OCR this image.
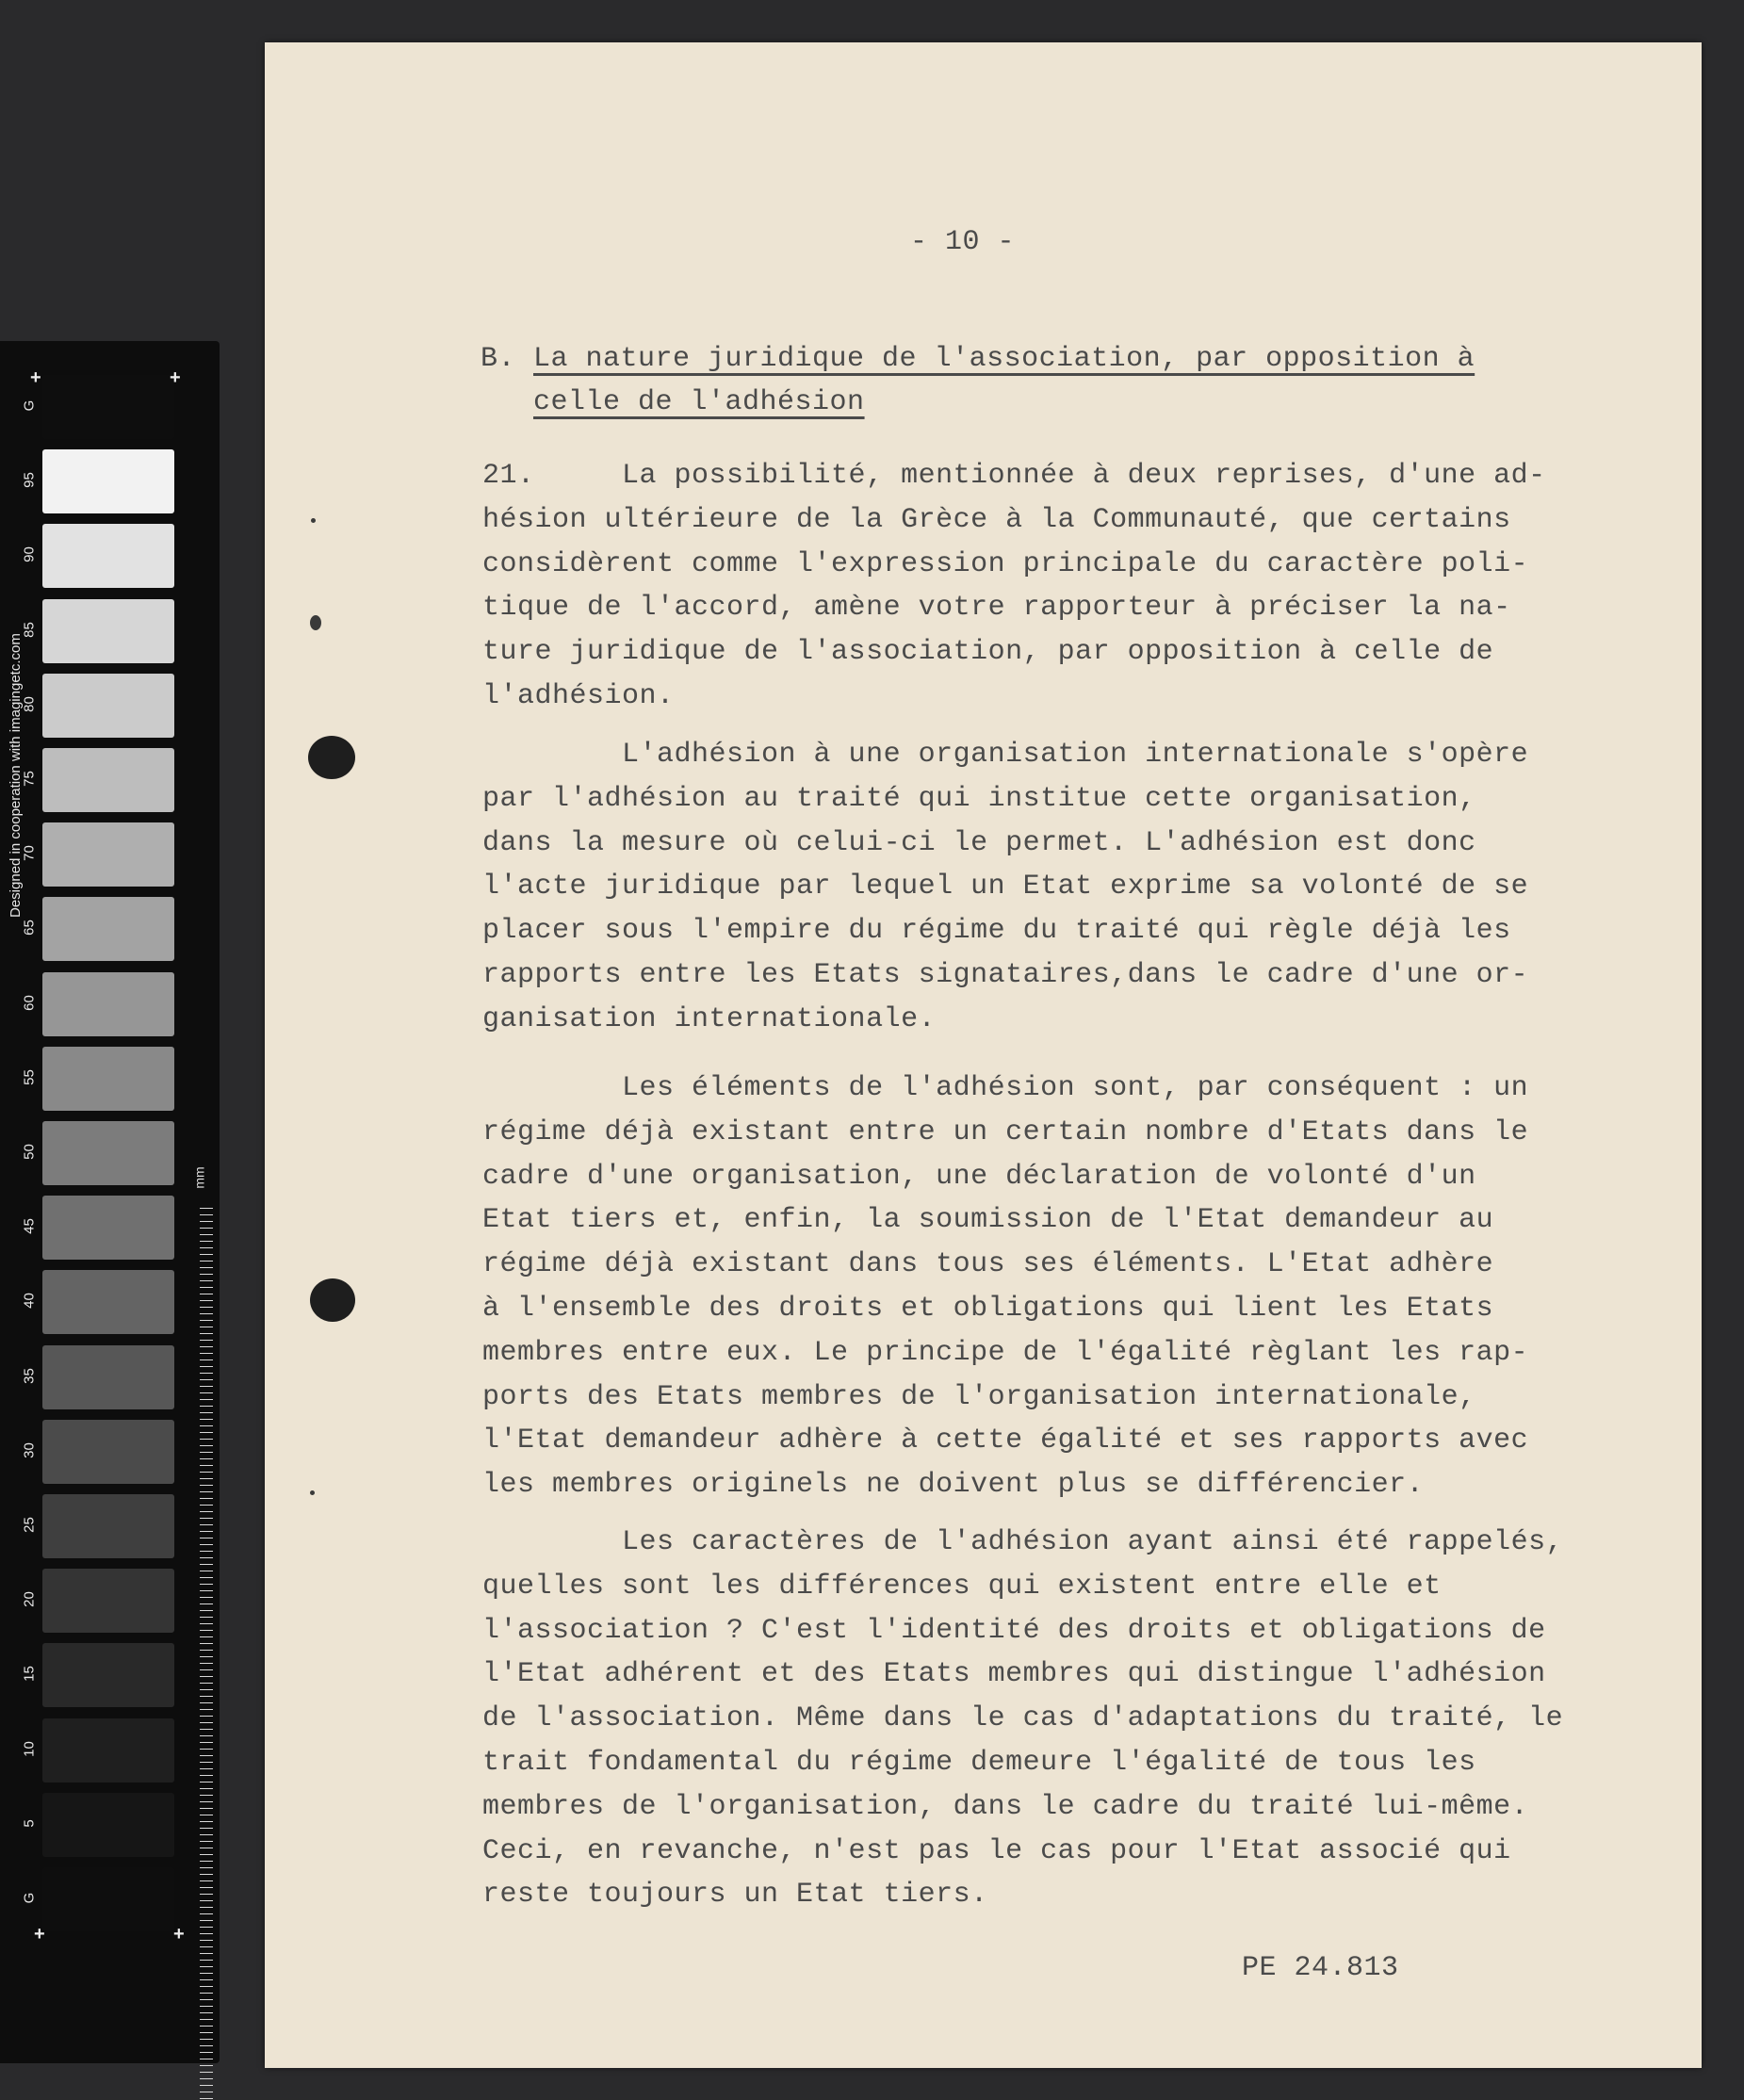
G
95
90
85
80
75
70
65
60
55
50
45
40
35
30
25
20
15
10
5
G
+	+
+	+
Designed in cooperation with imagingetc.com
mm
- 10 -
B. La nature juridique de l'association, par opposition à
celle de l'adhésion
21.     La possibilité, mentionnée à deux reprises, d'une ad-
hésion ultérieure de la Grèce à la Communauté, que certains
considèrent comme l'expression principale du caractère poli-
tique de l'accord, amène votre rapporteur à préciser la na-
ture juridique de l'association, par opposition à celle de
l'adhésion.
L'adhésion à une organisation internationale s'opère
par l'adhésion au traité qui institue cette organisation,
dans la mesure où celui-ci le permet. L'adhésion est donc
l'acte juridique par lequel un Etat exprime sa volonté de se
placer sous l'empire du régime du traité qui règle déjà les
rapports entre les Etats signataires,dans le cadre d'une or-
ganisation internationale.
Les éléments de l'adhésion sont, par conséquent : un
régime déjà existant entre un certain nombre d'Etats dans le
cadre d'une organisation, une déclaration de volonté d'un
Etat tiers et, enfin, la soumission de l'Etat demandeur au
régime déjà existant dans tous ses éléments. L'Etat adhère
à l'ensemble des droits et obligations qui lient les Etats
membres entre eux. Le principe de l'égalité règlant les rap-
ports des Etats membres de l'organisation internationale,
l'Etat demandeur adhère à cette égalité et ses rapports avec
les membres originels ne doivent plus se différencier.
Les caractères de l'adhésion ayant ainsi été rappelés,
quelles sont les différences qui existent entre elle et
l'association ? C'est l'identité des droits et obligations de
l'Etat adhérent et des Etats membres qui distingue l'adhésion
de l'association. Même dans le cas d'adaptations du traité, le
trait fondamental du régime demeure l'égalité de tous les
membres de l'organisation, dans le cadre du traité lui-même.
Ceci, en revanche, n'est pas le cas pour l'Etat associé qui
reste toujours un Etat tiers.
PE 24.813
